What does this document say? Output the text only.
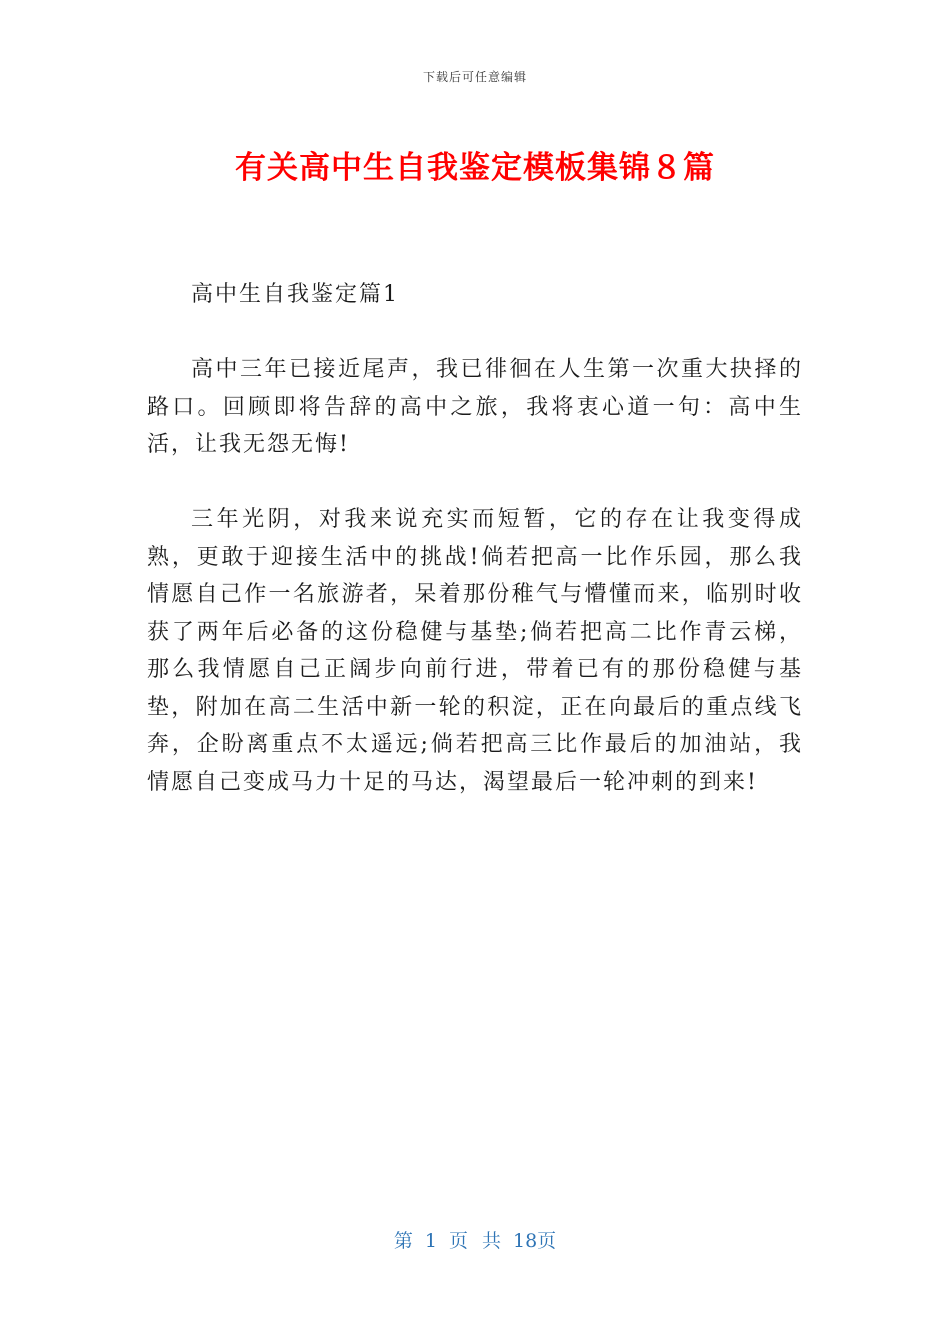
下载后可任意编辑
有关高中生自我鉴定模板集锦８篇

高中生自我鉴定篇1

高中三年已接近尾声，我已徘徊在人生第一次重大抉择的路口。回顾即将告辞的高中之旅，我将衷心道一句：高中生活，让我无怨无悔!

三年光阴，对我来说充实而短暂，它的存在让我变得成熟，更敢于迎接生活中的挑战!倘若把高一比作乐园，那么我情愿自己作一名旅游者，呆着那份稚气与懵懂而来，临别时收获了两年后必备的这份稳健与基垫;倘若把高二比作青云梯，那么我情愿自己正阔步向前行进，带着已有的那份稳健与基垫，附加在高二生活中新一轮的积淀，正在向最后的重点线飞奔，企盼离重点不太遥远;倘若把高三比作最后的加油站，我情愿自己变成马力十足的马达，渴望最后一轮冲刺的到来!

第 1 页 共 18页
